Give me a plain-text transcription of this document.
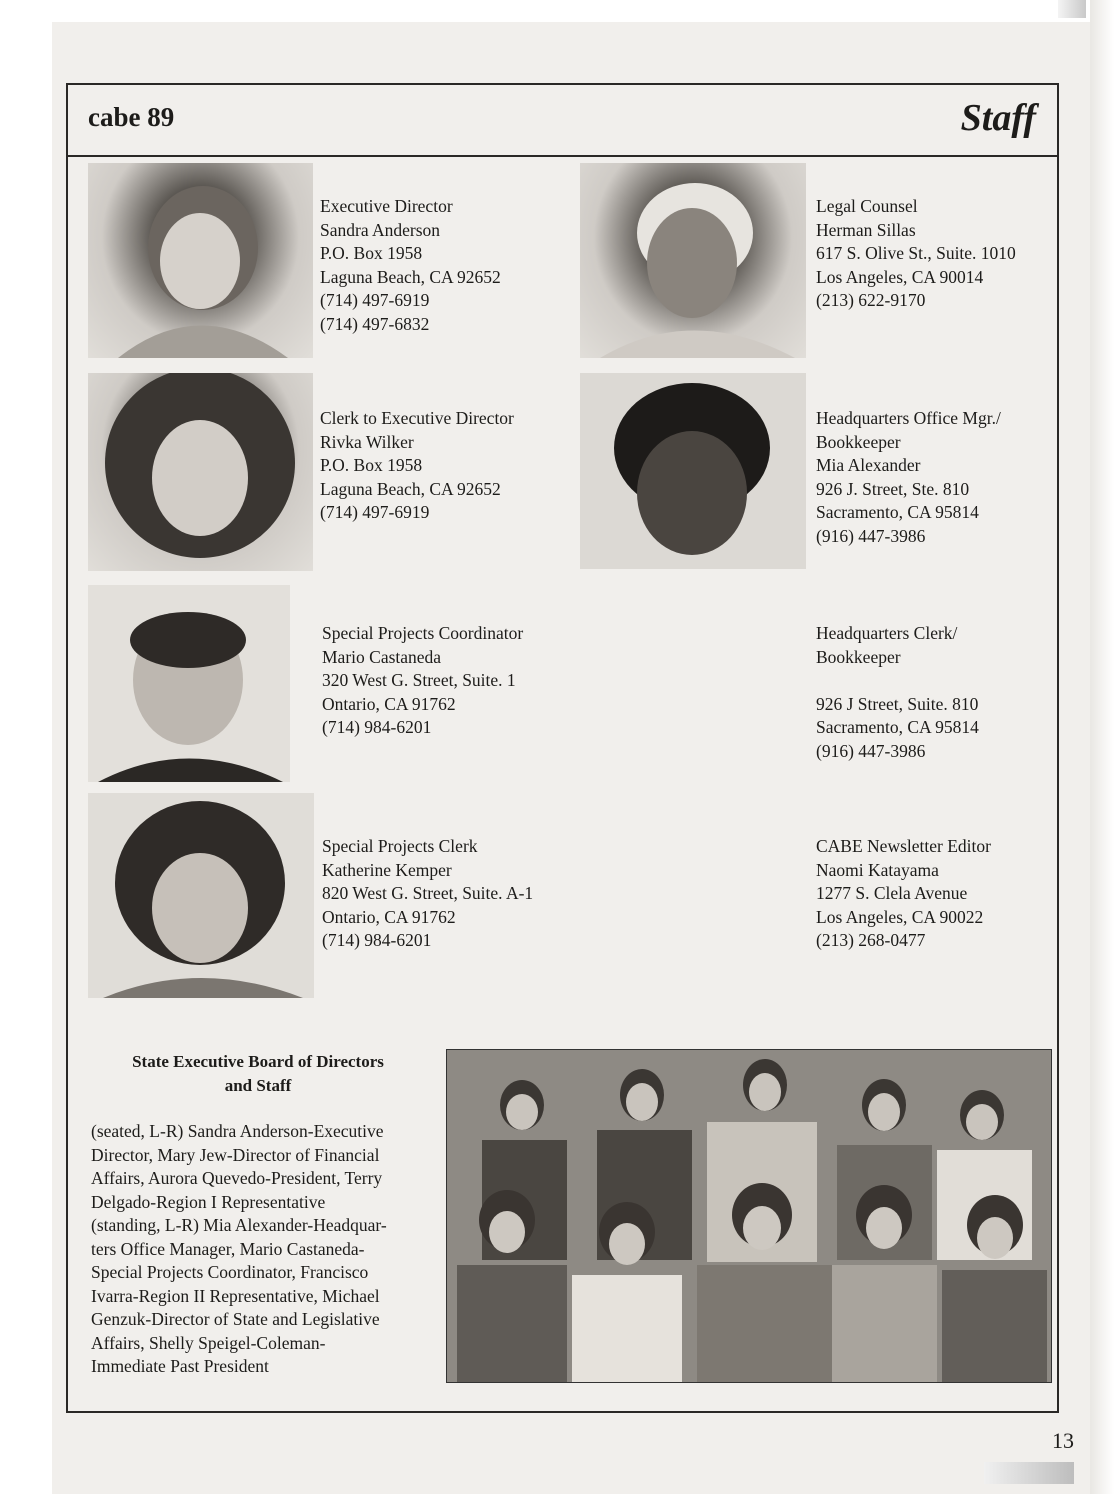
cabe 89	Staff
Executive Director
Sandra Anderson
P.O. Box 1958
Laguna Beach, CA 92652
(714) 497-6919
(714) 497-6832
Legal Counsel
Herman Sillas
617 S. Olive St., Suite. 1010
Los Angeles, CA 90014
(213) 622-9170
Clerk to Executive Director
Rivka Wilker
P.O. Box 1958
Laguna Beach, CA 92652
(714) 497-6919
Headquarters Office Mgr./
Bookkeeper
Mia Alexander
926 J. Street, Ste. 810
Sacramento, CA 95814
(916) 447-3986
Special Projects Coordinator
Mario Castaneda
320 West G. Street, Suite. 1
Ontario, CA 91762
(714) 984-6201
Headquarters Clerk/
Bookkeeper
926 J Street, Suite. 810
Sacramento, CA 95814
(916) 447-3986
Special Projects Clerk
Katherine Kemper
820 West G. Street, Suite. A-1
Ontario, CA 91762
(714) 984-6201
CABE Newsletter Editor
Naomi Katayama
1277 S. Clela Avenue
Los Angeles, CA 90022
(213) 268-0477
State Executive Board of Directors
and Staff
(seated, L-R) Sandra Anderson-Executive
Director, Mary Jew-Director of Financial
Affairs, Aurora Quevedo-President, Terry
Delgado-Region I Representative
(standing, L-R) Mia Alexander-Headquar-
ters Office Manager, Mario Castaneda-
Special Projects Coordinator, Francisco
Ivarra-Region II Representative, Michael
Genzuk-Director of State and Legislative
Affairs, Shelly Speigel-Coleman-
Immediate Past President
13
